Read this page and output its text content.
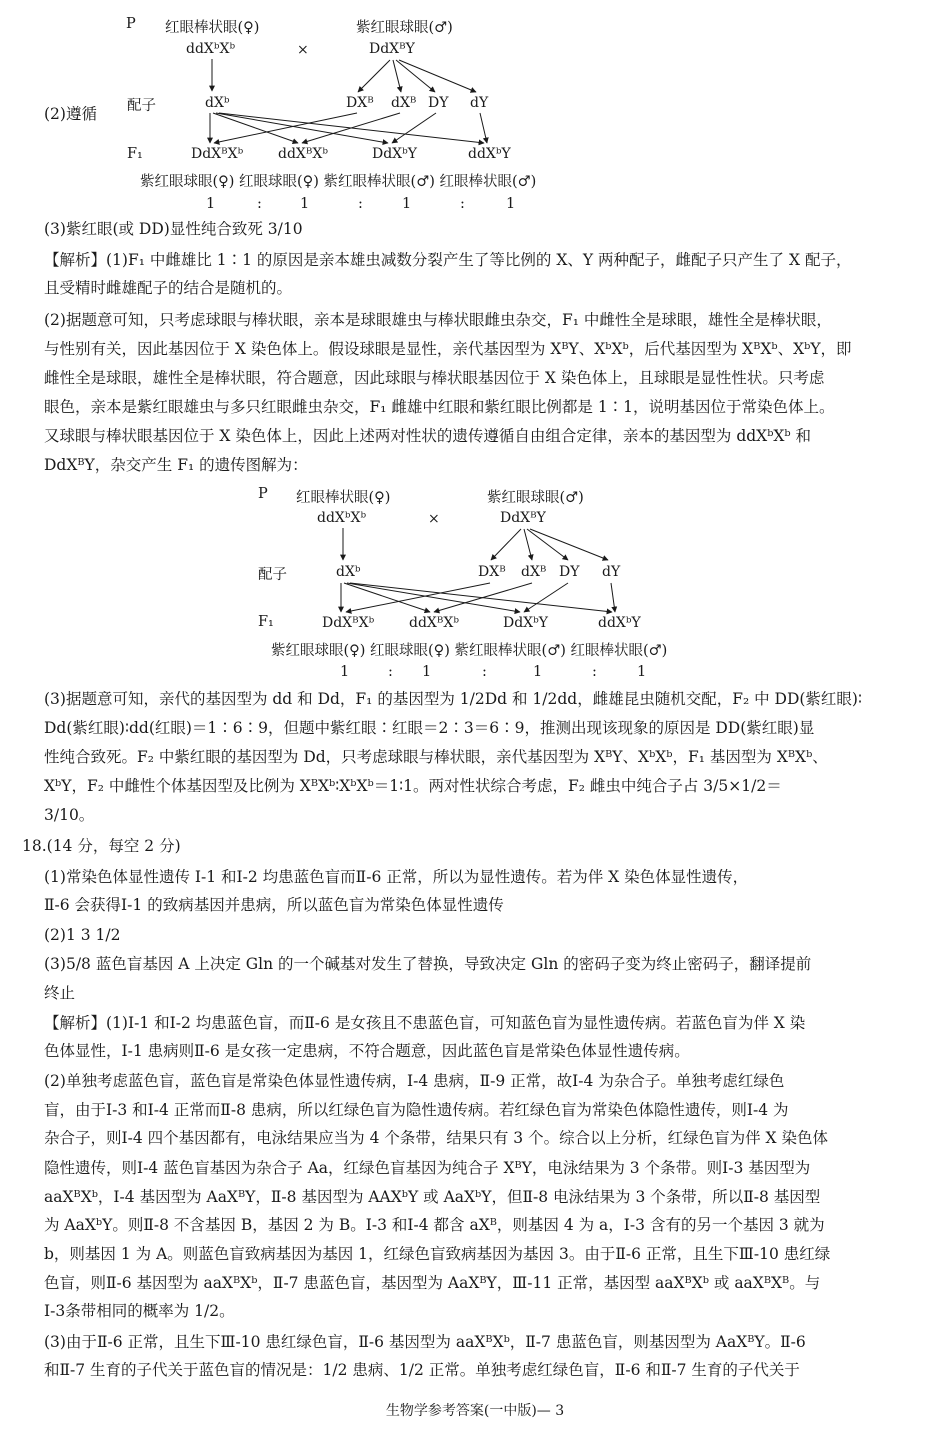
P 红眼棒状眼(♀)	紫红眼球眼(♂)
ddXᵇXᵇ	×	DdXᴮY
(2)遵循 配子	dXᵇ	DXᴮ dXᴮ DY dY
F₁	DdXᴮXᵇ ddXᴮXᵇ	DdXᵇY	ddXᵇY
紫红眼球眼(♀) 红眼球眼(♀) 紫红眼棒状眼(♂) 红眼棒状眼(♂)
1	:	1	:	1	:	1
(3)紫红眼(或 DD)显性纯合致死 3/10
【解析】(1)F₁ 中雌雄比 1∶1 的原因是亲本雄虫减数分裂产生了等比例的 X、Y 两种配子，雌配子只产生了 X 配子，
且受精时雌雄配子的结合是随机的。
(2)据题意可知，只考虑球眼与棒状眼，亲本是球眼雄虫与棒状眼雌虫杂交，F₁ 中雌性全是球眼，雄性全是棒状眼，
与性别有关，因此基因位于 X 染色体上。假设球眼是显性，亲代基因型为 XᴮY、XᵇXᵇ，后代基因型为 XᴮXᵇ、XᵇY，即
雌性全是球眼，雄性全是棒状眼，符合题意，因此球眼与棒状眼基因位于 X 染色体上，且球眼是显性性状。只考虑
眼色，亲本是紫红眼雄虫与多只红眼雌虫杂交，F₁ 雌雄中红眼和紫红眼比例都是 1∶1，说明基因位于常染色体上。
又球眼与棒状眼基因位于 X 染色体上，因此上述两对性状的遗传遵循自由组合定律，亲本的基因型为 ddXᵇXᵇ 和
DdXᴮY，杂交产生 F₁ 的遗传图解为：
P 红眼棒状眼(♀)	紫红眼球眼(♂)
ddXᵇXᵇ	×	DdXᴮY
配子	dXᵇ	DXᴮ dXᴮ DY dY
F₁	DdXᴮXᵇ ddXᴮXᵇ	DdXᵇY	ddXᵇY
紫红眼球眼(♀) 红眼球眼(♀) 紫红眼棒状眼(♂) 红眼棒状眼(♂)
1	: 1	:	1	:	1
(3)据题意可知，亲代的基因型为 dd 和 Dd，F₁ 的基因型为 1/2Dd 和 1/2dd，雌雄昆虫随机交配，F₂ 中 DD(紫红眼)∶
Dd(紫红眼)∶dd(红眼)＝1∶6∶9，但题中紫红眼∶红眼＝2∶3＝6∶9，推测出现该现象的原因是 DD(紫红眼)显
性纯合致死。F₂ 中紫红眼的基因型为 Dd，只考虑球眼与棒状眼，亲代基因型为 XᴮY、XᵇXᵇ，F₁ 基因型为 XᴮXᵇ、
XᵇY，F₂ 中雌性个体基因型及比例为 XᴮXᵇ∶XᵇXᵇ＝1∶1。两对性状综合考虑，F₂ 雌虫中纯合子占 3/5×1/2＝
3/10。
18.(14 分，每空 2 分)
(1)常染色体显性遗传 Ⅰ-1 和Ⅰ-2 均患蓝色盲而Ⅱ-6 正常，所以为显性遗传。若为伴 X 染色体显性遗传，
Ⅱ-6 会获得Ⅰ-1 的致病基因并患病，所以蓝色盲为常染色体显性遗传
(2)1 3 1/2
(3)5/8 蓝色盲基因 A 上决定 Gln 的一个碱基对发生了替换，导致决定 Gln 的密码子变为终止密码子，翻译提前
终止
【解析】(1)Ⅰ-1 和Ⅰ-2 均患蓝色盲，而Ⅱ-6 是女孩且不患蓝色盲，可知蓝色盲为显性遗传病。若蓝色盲为伴 X 染
色体显性，Ⅰ-1 患病则Ⅱ-6 是女孩一定患病，不符合题意，因此蓝色盲是常染色体显性遗传病。
(2)单独考虑蓝色盲，蓝色盲是常染色体显性遗传病，Ⅰ-4 患病，Ⅱ-9 正常，故Ⅰ-4 为杂合子。单独考虑红绿色
盲，由于Ⅰ-3 和Ⅰ-4 正常而Ⅱ-8 患病，所以红绿色盲为隐性遗传病。若红绿色盲为常染色体隐性遗传，则Ⅰ-4 为
杂合子，则Ⅰ-4 四个基因都有，电泳结果应当为 4 个条带，结果只有 3 个。综合以上分析，红绿色盲为伴 X 染色体
隐性遗传，则Ⅰ-4 蓝色盲基因为杂合子 Aa，红绿色盲基因为纯合子 XᴮY，电泳结果为 3 个条带。则Ⅰ-3 基因型为
aaXᴮXᵇ，Ⅰ-4 基因型为 AaXᴮY，Ⅱ-8 基因型为 AAXᵇY 或 AaXᵇY，但Ⅱ-8 电泳结果为 3 个条带，所以Ⅱ-8 基因型
为 AaXᵇY。则Ⅱ-8 不含基因 B，基因 2 为 B。Ⅰ-3 和Ⅰ-4 都含 aXᴮ，则基因 4 为 a，Ⅰ-3 含有的另一个基因 3 就为
b，则基因 1 为 A。则蓝色盲致病基因为基因 1，红绿色盲致病基因为基因 3。由于Ⅱ-6 正常，且生下Ⅲ-10 患红绿
色盲，则Ⅱ-6 基因型为 aaXᴮXᵇ，Ⅱ-7 患蓝色盲，基因型为 AaXᴮY，Ⅲ-11 正常，基因型 aaXᴮXᵇ 或 aaXᴮXᴮ。与
Ⅰ-3条带相同的概率为 1/2。
(3)由于Ⅱ-6 正常，且生下Ⅲ-10 患红绿色盲，Ⅱ-6 基因型为 aaXᴮXᵇ，Ⅱ-7 患蓝色盲，则基因型为 AaXᴮY。Ⅱ-6
和Ⅱ-7 生育的子代关于蓝色盲的情况是：1/2 患病、1/2 正常。单独考虑红绿色盲，Ⅱ-6 和Ⅱ-7 生育的子代关于
生物学参考答案(一中版)— 3
